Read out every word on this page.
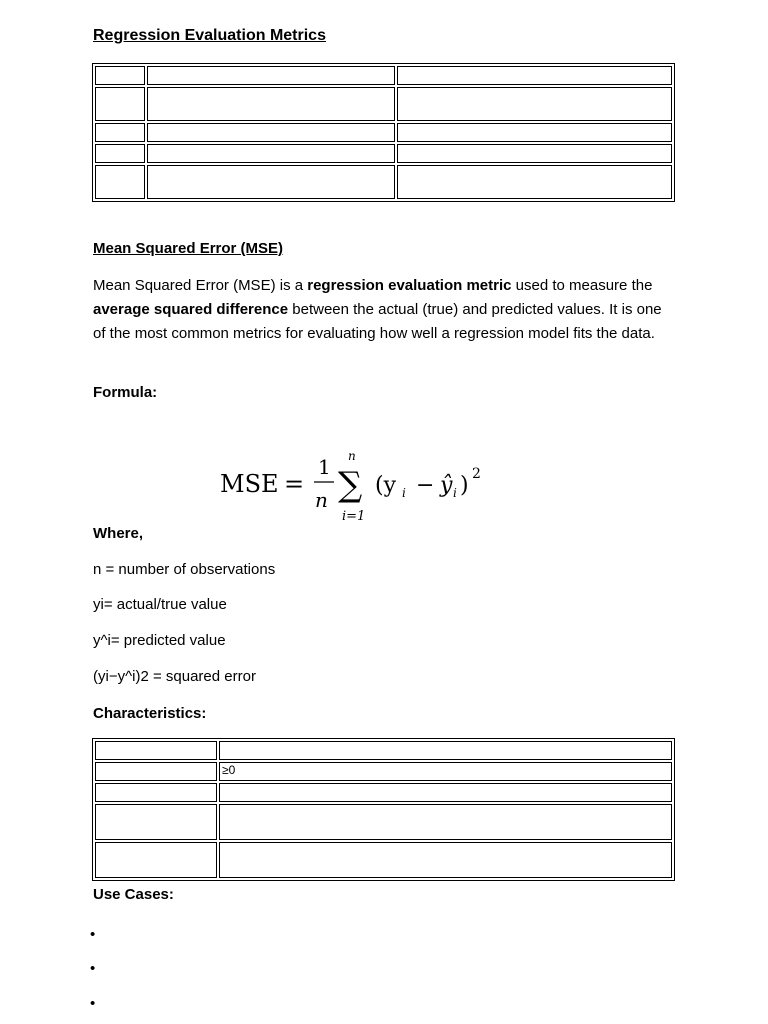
Regression Evaluation Metrics

Mean Squared Error (MSE)
Mean Squared Error (MSE) is a regression evaluation metric used to measure the average squared difference between the actual (true) and predicted values. It is one of the most common metrics for evaluating how well a regression model fits the data.
Formula:
MSE =
1
n
n
∑
i=1
(y i − ŷ i ) 2
Where,
n = number of observations
yi= actual/true value
y^i= predicted value
(yi−y^i)2 = squared error
Characteristics:

	≥0

Use Cases:
•
•
•
